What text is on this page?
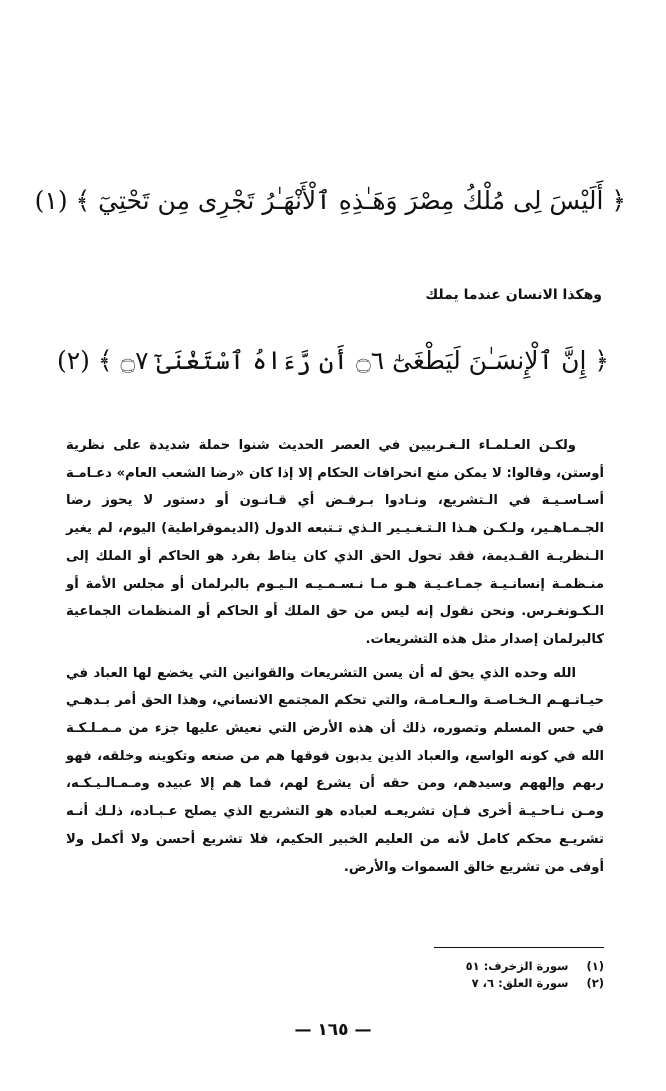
﴿ أَلَيْسَ لِى مُلْكُ مِصْرَ وَهَـٰذِهِ ٱلْأَنْهَـٰرُ تَجْرِى مِن تَحْتِيٓ ﴾ (١)
وهكذا الانسان عندما يملك
﴿ إِنَّ ٱلْإِنسَـٰنَ لَيَطْغَىٰٓ ۝٦ أَن رَّءَاهُ ٱسْتَغْنَىٰٓ ۝٧ ﴾ (٢)

ولكـن العـلمـاء الـغـربيين في العصر الحديث شنوا حملة شديدة على نظرية أوستن، وقالوا: لا يمكن منع انحرافات الحكام إلا إذا كان «رضا الشعب العام» دعـامـة أسـاسـيـة في الـتشريع، ونـادوا بـرفـض أي قـانـون أو دستور لا يحوز رضا الجـمـاهـير، ولـكـن هـذا الـتـغـيـير الـذي تـتبعه الدول (الديموقراطية) اليوم، لم يغير الـنظريـة القـديمة، فقد تحول الحق الذي كان يناط بفرد هو الحاكم أو الملك إلى منـظمـة إنسانـيـة جمـاعـيـة هـو مـا نـسـمـيـه الـيـوم بالبرلمان أو مجلس الأمة أو الـكـونغـرس. ونحن نقول إنه ليس من حق الملك أو الحاكم أو المنظمات الجماعية كالبرلمان إصدار مثل هذه التشريعات.

الله وحده الذي يحق له أن يسن التشريعات والقوانين التي يخضع لها العباد في حيـاتـهـم الـخـاصـة والـعـامـة، والتي تحكم المجتمع الانساني، وهذا الحق أمر بـدهـي في حس المسلم وتصوره، ذلك أن هذه الأرض التي نعيش عليها جزء من مـمـلـكـة الله في كونه الواسع، والعباد الذين يدبون فوقها هم من صنعه وتكوينه وخلقه، فهو ربهم وإلههم وسيدهم، ومن حقه أن يشرع لهم، فما هم إلا عبيده ومـمـالـيـكـه، ومـن نـاحـيـة أخرى فـإن تشريعـه لعباده هو التشريع الذي يصلح عـبـاده، ذلـك أنـه تشريـع محكم كامل لأنه من العليم الخبير الحكيم، فلا تشريع أحسن ولا أكمل ولا أوفى من تشريع خالق السموات والأرض.

(١)
سورة الزخرف: ٥١
(٢)
سورة العلق: ٦، ٧
— ١٦٥ —
